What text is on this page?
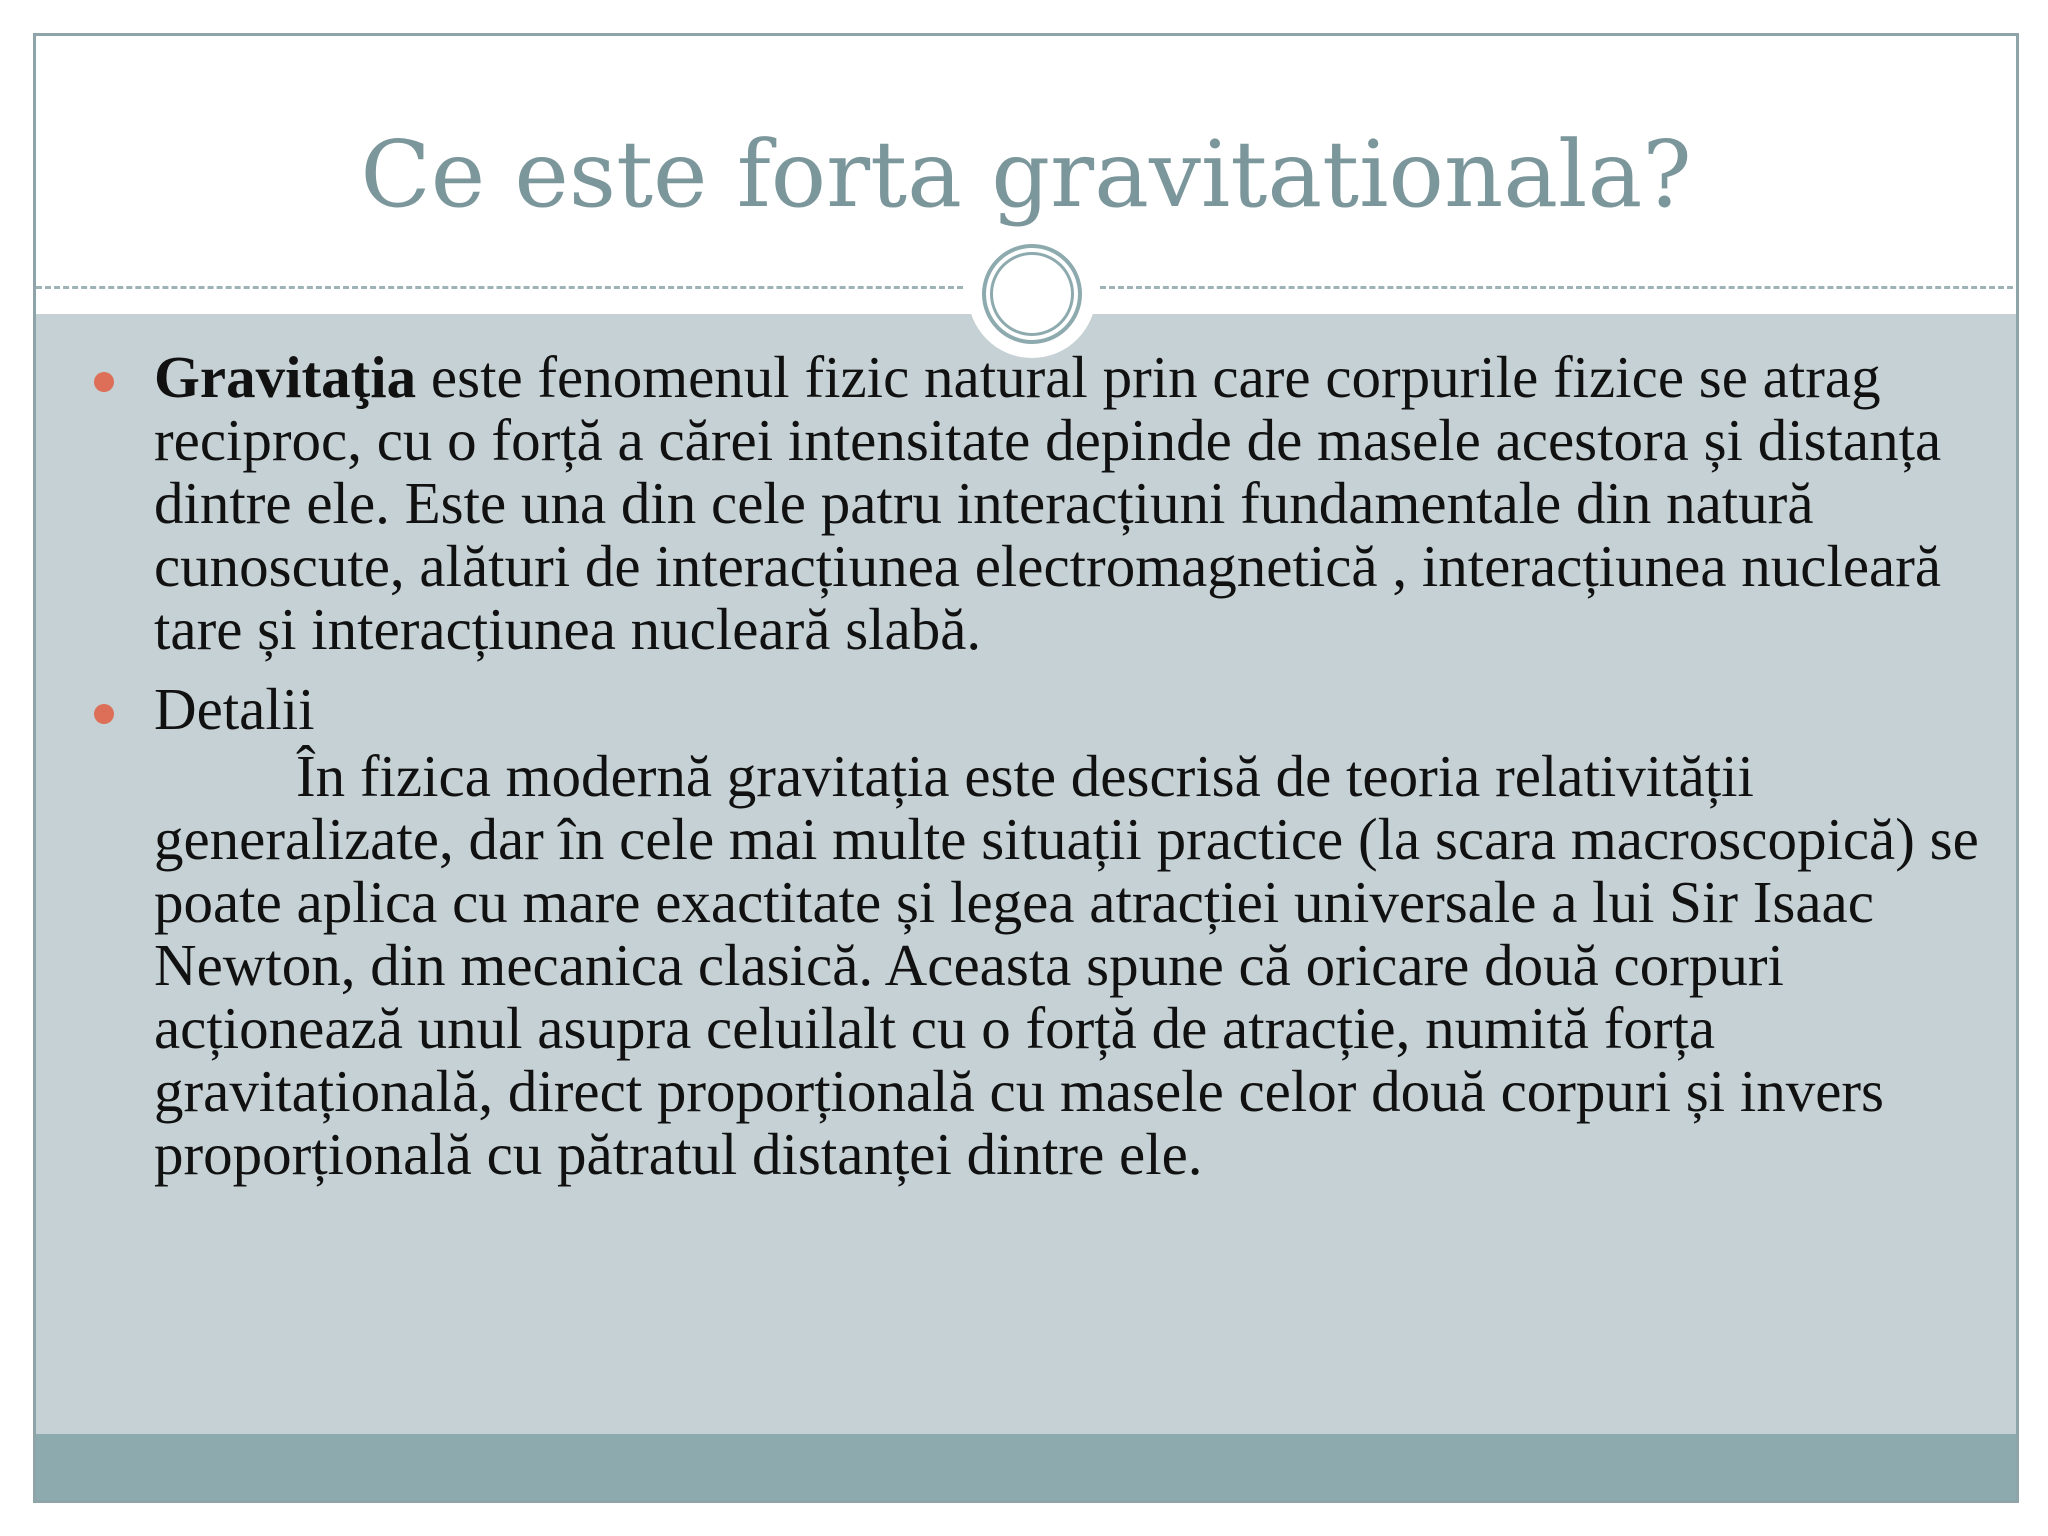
Ce este forta gravitationala?
Gravitaţia este fenomenul fizic natural prin care corpurile fizice se atrag reciproc, cu o forță a cărei intensitate depinde de masele acestora și distanța dintre ele. Este una din cele patru interacțiuni fundamentale din natură cunoscute, alături de interacțiunea electromagnetică , interacțiunea nucleară tare și interacțiunea nucleară slabă.
Detalii
În fizica modernă gravitația este descrisă de teoria relativității generalizate, dar în cele mai multe situații practice (la scara macroscopică) se poate aplica cu mare exactitate și legea atracției universale a lui Sir Isaac Newton, din mecanica clasică. Aceasta spune că oricare două corpuri acționează unul asupra celuilalt cu o forță de atracție, numită forța gravitațională, direct proporțională cu masele celor două corpuri și invers proporțională cu pătratul distanței dintre ele.
